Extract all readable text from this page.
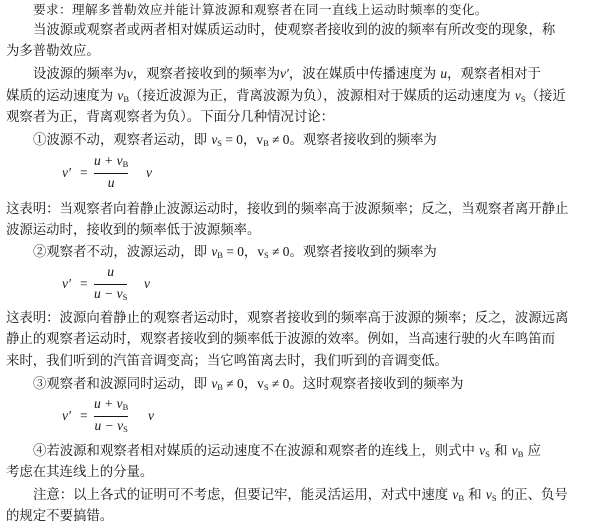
要求：理解多普勒效应并能计算波源和观察者在同一直线上运动时频率的变化。
当波源或观察者或两者相对媒质运动时，使观察者接收到的波的频率有所改变的现象，称
为多普勒效应。
设波源的频率为ν，观察者接收到的频率为ν′，波在媒质中传播速度为 u，观察者相对于
媒质的运动速度为 $v_B$（接近波源为正，背离波源为负），波源相对于媒质的运动速度为 $v_S$（接近
观察者为正，背离观察者为负）。下面分几种情况讨论：
①波源不动，观察者运动，即 $v_S = 0$，$v_B \ne 0$。观察者接收到的频率为
ν′ =
$u + v_B$
u
ν
这表明：当观察者向着静止波源运动时，接收到的频率高于波源频率；反之，当观察者离开静止
波源运动时，接收到的频率低于波源频率。
②观察者不动，波源运动，即 $v_B = 0$，$v_S \ne 0$。观察者接收到的频率为
ν′ =
u
$u - v_S$
ν
这表明：波源向着静止的观察者运动时，观察者接收到的频率高于波源的频率；反之，波源远离
静止的观察者运动时，观察者接收到的频率低于波源的效率。例如，当高速行驶的火车鸣笛而
来时，我们听到的汽笛音调变高；当它鸣笛离去时，我们听到的音调变低。
③观察者和波源同时运动，即 $v_B \ne 0$，$v_S \ne 0$。这时观察者接收到的频率为
ν′ =
$u + v_B$
$u - v_S$
ν
④若波源和观察者相对媒质的运动速度不在波源和观察者的连线上，则式中 $v_S$ 和 $v_B$ 应
考虑在其连线上的分量。
注意：以上各式的证明可不考虑，但要记牢，能灵活运用，对式中速度 $v_B$ 和 $v_S$ 的正、负号
的规定不要搞错。
